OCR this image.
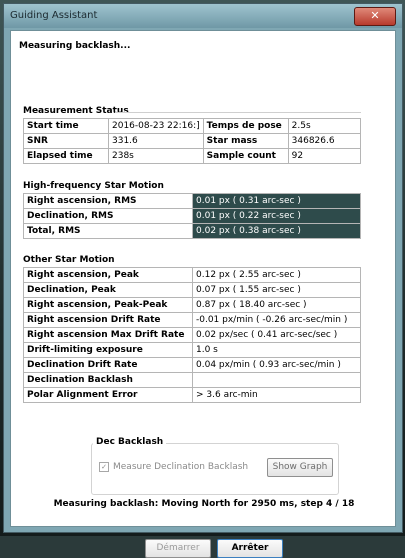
Guiding Assistant	✕
Measuring backlash...
Measurement Status
Start time	2016-08-23 22:16:]	Temps de pose	2.5s
SNR	331.6	Star mass	346826.6
Elapsed time	238s	Sample count	92
High-frequency Star Motion
Right ascension, RMS	0.01 px ( 0.31 arc-sec )
Declination, RMS	0.01 px ( 0.22 arc-sec )
Total, RMS	0.02 px ( 0.38 arc-sec )
Other Star Motion
Right ascension, Peak	0.12 px ( 2.55 arc-sec )
Declination, Peak	0.07 px ( 1.55 arc-sec )
Right ascension, Peak-Peak	0.87 px ( 18.40 arc-sec )
Right ascension Drift Rate	-0.01 px/min ( -0.26 arc-sec/min )
Right ascension Max Drift Rate	0.02 px/sec ( 0.41 arc-sec/sec )
Drift-limiting exposure	1.0 s
Declination Drift Rate	0.04 px/min ( 0.93 arc-sec/min )
Declination Backlash	
Polar Alignment Error	> 3.6 arc-min
Dec Backlash
✓ Measure Declination Backlash	Show Graph
Measuring backlash: Moving North for 2950 ms, step 4 / 18
Démarrer	Arrêter
